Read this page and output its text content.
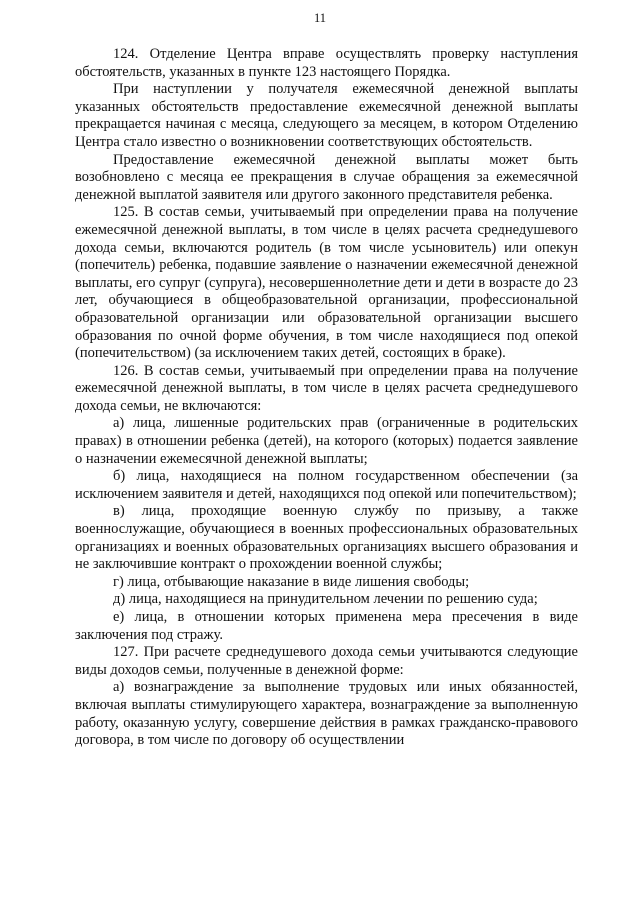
11

124. Отделение Центра вправе осуществлять проверку наступления обстоятельств, указанных в пункте 123 настоящего Порядка.

При наступлении у получателя ежемесячной денежной выплаты указанных обстоятельств предоставление ежемесячной денежной выплаты прекращается начиная с месяца, следующего за месяцем, в котором Отделению Центра стало известно о возникновении соответствующих обстоятельств.

Предоставление ежемесячной денежной выплаты может быть возобновлено с месяца ее прекращения в случае обращения за ежемесячной денежной выплатой заявителя или другого законного представителя ребенка.

125. В состав семьи, учитываемый при определении права на получение ежемесячной денежной выплаты, в том числе в целях расчета среднедушевого дохода семьи, включаются родитель (в том числе усыновитель) или опекун (попечитель) ребенка, подавшие заявление о назначении ежемесячной денежной выплаты, его супруг (супруга), несовершеннолетние дети и дети в возрасте до 23 лет, обучающиеся в общеобразовательной организации, профессиональной образовательной организации или образовательной организации высшего образования по очной форме обучения, в том числе находящиеся под опекой (попечительством) (за исключением таких детей, состоящих в браке).

126. В состав семьи, учитываемый при определении права на получение ежемесячной денежной выплаты, в том числе в целях расчета среднедушевого дохода семьи, не включаются:

а) лица, лишенные родительских прав (ограниченные в родительских правах) в отношении ребенка (детей), на которого (которых) подается заявление о назначении ежемесячной денежной выплаты;

б) лица, находящиеся на полном государственном обеспечении (за исключением заявителя и детей, находящихся под опекой или попечительством);

в) лица, проходящие военную службу по призыву, а также военнослужащие, обучающиеся в военных профессиональных образовательных организациях и военных образовательных организациях высшего образования и не заключившие контракт о прохождении военной службы;

г) лица, отбывающие наказание в виде лишения свободы;

д) лица, находящиеся на принудительном лечении по решению суда;

е) лица, в отношении которых применена мера пресечения в виде заключения под стражу.

127. При расчете среднедушевого дохода семьи учитываются следующие виды доходов семьи, полученные в денежной форме:

а) вознаграждение за выполнение трудовых или иных обязанностей, включая выплаты стимулирующего характера, вознаграждение за выполненную работу, оказанную услугу, совершение действия в рамках гражданско-правового договора, в том числе по договору об осуществлении
